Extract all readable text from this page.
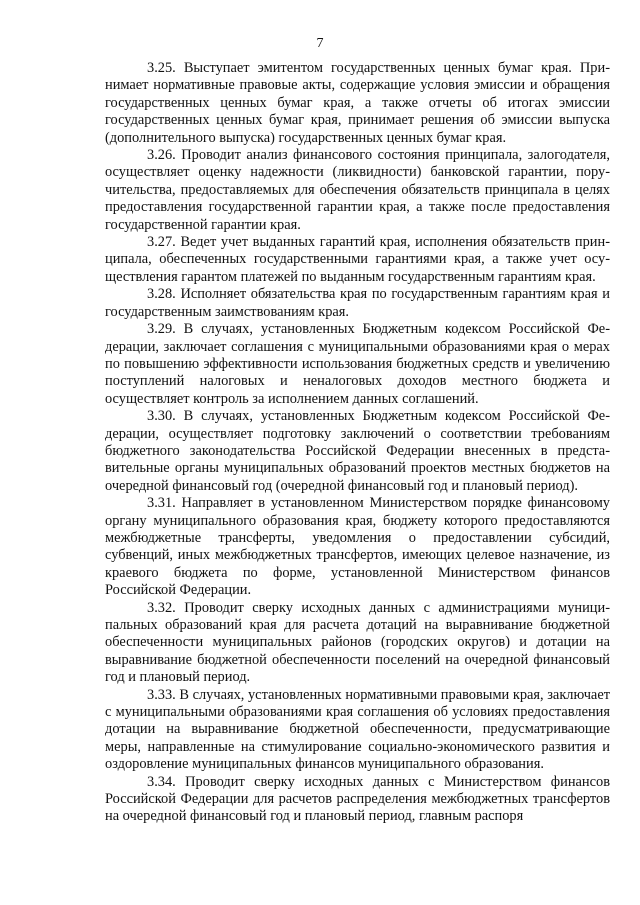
7

3.25. Выступает эмитентом государственных ценных бумаг края. Принимает нормативные правовые акты, содержащие условия эмиссии и обращения государственных ценных бумаг края, а также отчеты об итогах эмиссии государственных ценных бумаг края, принимает решения об эмиссии выпуска (дополнительного выпуска) государственных ценных бумаг края.

3.26. Проводит анализ финансового состояния принципала, залогодателя, осуществляет оценку надежности (ликвидности) банковской гарантии, поручительства, предоставляемых для обеспечения обязательств принципала в целях предоставления государственной гарантии края, а также после предоставления государственной гарантии края.

3.27. Ведет учет выданных гарантий края, исполнения обязательств принципала, обеспеченных государственными гарантиями края, а также учет осуществления гарантом платежей по выданным государственным гарантиям края.

3.28. Исполняет обязательства края по государственным гарантиям края и государственным заимствованиям края.

3.29. В случаях, установленных Бюджетным кодексом Российской Федерации, заключает соглашения с муниципальными образованиями края о мерах по повышению эффективности использования бюджетных средств и увеличению поступлений налоговых и неналоговых доходов местного бюджета и осуществляет контроль за исполнением данных соглашений.

3.30. В случаях, установленных Бюджетным кодексом Российской Федерации, осуществляет подготовку заключений о соответствии требованиям бюджетного законодательства Российской Федерации внесенных в представительные органы муниципальных образований проектов местных бюджетов на очередной финансовый год (очередной финансовый год и плановый период).

3.31. Направляет в установленном Министерством порядке финансовому органу муниципального образования края, бюджету которого предоставляются межбюджетные трансферты, уведомления о предоставлении субсидий, субвенций, иных межбюджетных трансфертов, имеющих целевое назначение, из краевого бюджета по форме, установленной Министерством финансов Российской Федерации.

3.32. Проводит сверку исходных данных с администрациями муниципальных образований края для расчета дотаций на выравнивание бюджетной обеспеченности муниципальных районов (городских округов) и дотации на выравнивание бюджетной обеспеченности поселений на очередной финансовый год и плановый период.

3.33. В случаях, установленных нормативными правовыми края, заключает с муниципальными образованиями края соглашения об условиях предоставления дотации на выравнивание бюджетной обеспеченности, предусматривающие меры, направленные на стимулирование социально-экономического развития и оздоровление муниципальных финансов муниципального образования.

3.34. Проводит сверку исходных данных с Министерством финансов Российской Федерации для расчетов распределения межбюджетных трансфертов на очередной финансовый год и плановый период, главным распоря
